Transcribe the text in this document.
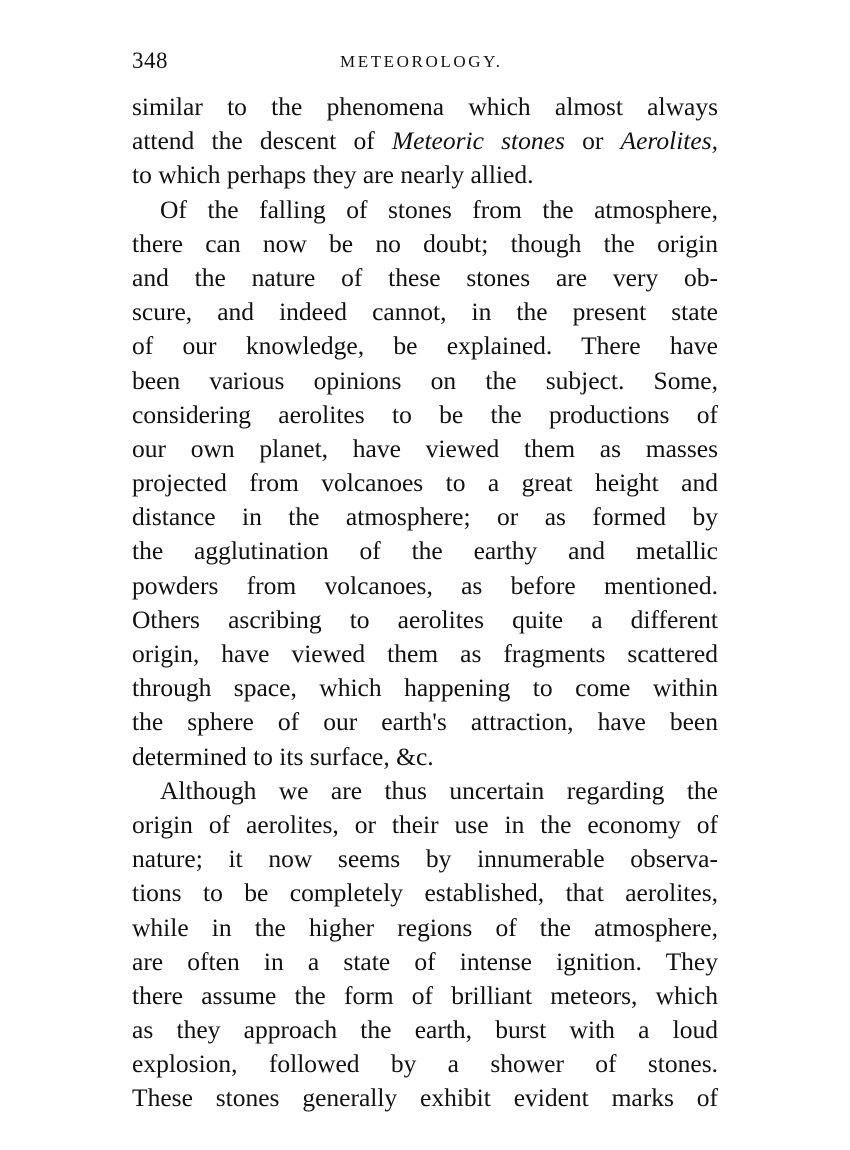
348	METEOROLOGY.
similar to the phenomena which almost always
attend the descent of Meteoric stones or Aerolites,
to which perhaps they are nearly allied.
Of the falling of stones from the atmosphere,
there can now be no doubt; though the origin
and the nature of these stones are very ob-
scure, and indeed cannot, in the present state
of our knowledge, be explained. There have
been various opinions on the subject. Some,
considering aerolites to be the productions of
our own planet, have viewed them as masses
projected from volcanoes to a great height and
distance in the atmosphere; or as formed by
the agglutination of the earthy and metallic
powders from volcanoes, as before mentioned.
Others ascribing to aerolites quite a different
origin, have viewed them as fragments scattered
through space, which happening to come within
the sphere of our earth's attraction, have been
determined to its surface, &c.
Although we are thus uncertain regarding the
origin of aerolites, or their use in the economy of
nature; it now seems by innumerable observa-
tions to be completely established, that aerolites,
while in the higher regions of the atmosphere,
are often in a state of intense ignition. They
there assume the form of brilliant meteors, which
as they approach the earth, burst with a loud
explosion, followed by a shower of stones.
These stones generally exhibit evident marks of
